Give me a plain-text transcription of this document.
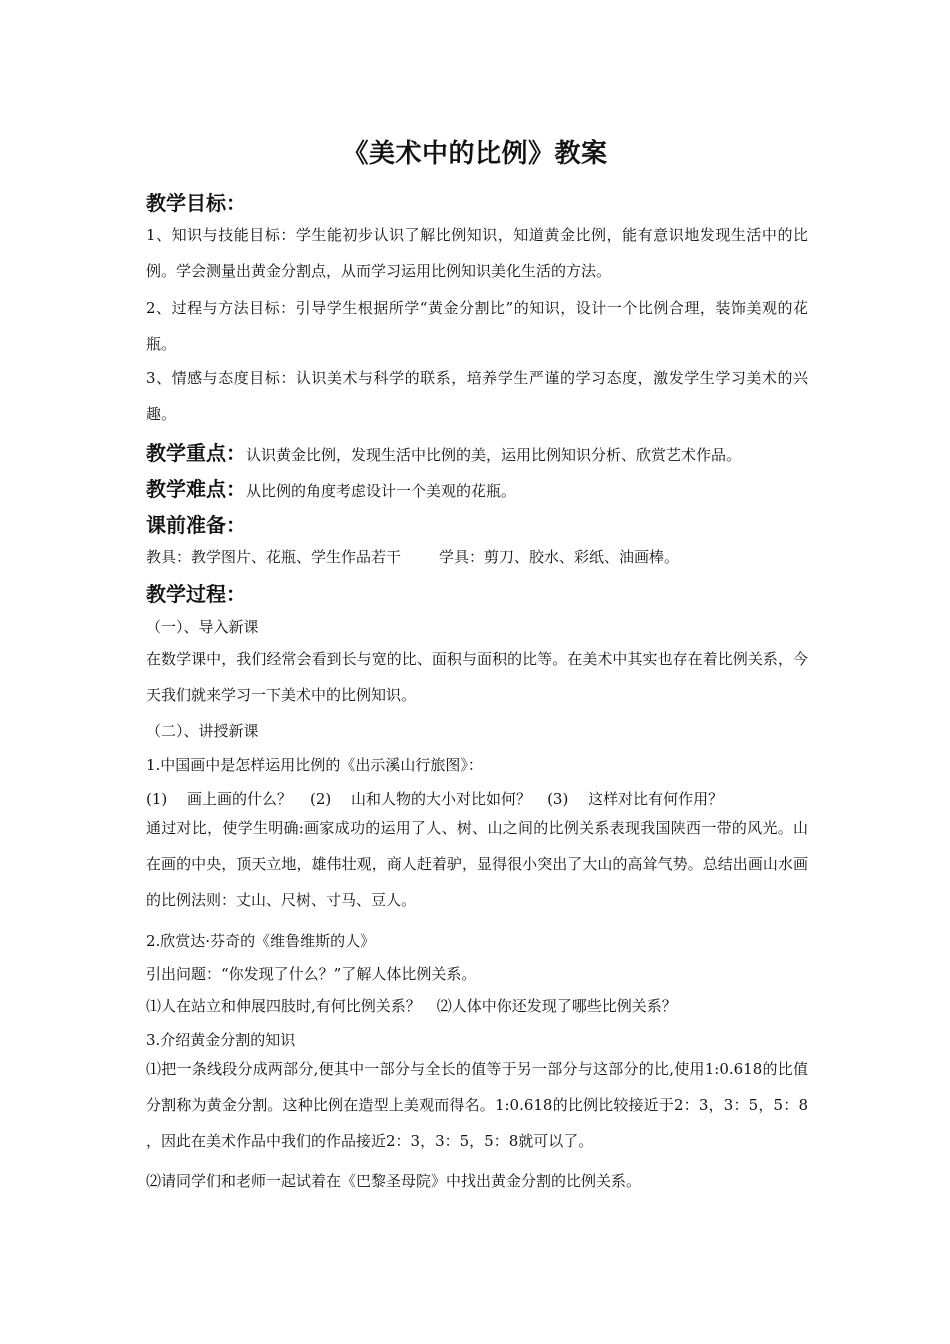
《美术中的比例》教案
教学目标：
1、知识与技能目标：学生能初步认识了解比例知识，知道黄金比例，能有意识地发现生活中的比例。学会测量出黄金分割点，从而学习运用比例知识美化生活的方法。
2、过程与方法目标：引导学生根据所学“黄金分割比”的知识，设计一个比例合理，装饰美观的花瓶。
3、情感与态度目标：认识美术与科学的联系，培养学生严谨的学习态度，激发学生学习美术的兴趣。
教学重点：认识黄金比例，发现生活中比例的美，运用比例知识分析、欣赏艺术作品。
教学难点：从比例的角度考虑设计一个美观的花瓶。
课前准备：
教具：教学图片、花瓶、学生作品若干	学具：剪刀、胶水、彩纸、油画棒。
教学过程：
（一）、导入新课
在数学课中，我们经常会看到长与宽的比、面积与面积的比等。在美术中其实也存在着比例关系，今天我们就来学习一下美术中的比例知识。
（二）、讲授新课
1.中国画中是怎样运用比例的《出示溪山行旅图》：
(1)　 画上画的什么？ (2)　 山和人物的大小对比如何？ (3)　 这样对比有何作用？
通过对比，使学生明确:画家成功的运用了人、树、山之间的比例关系表现我国陕西一带的风光。山在画的中央，顶天立地，雄伟壮观，商人赶着驴，显得很小突出了大山的高耸气势。总结出画山水画的比例法则：丈山、尺树、寸马、豆人。
2.欣赏达·芬奇的《维鲁维斯的人》
引出问题：“你发现了什么？”了解人体比例关系。
⑴人在站立和伸展四肢时,有何比例关系？ ⑵人体中你还发现了哪些比例关系？
3.介绍黄金分割的知识
⑴把一条线段分成两部分,便其中一部分与全长的值等于另一部分与这部分的比,使用1:0.618的比值分割称为黄金分割。这种比例在造型上美观而得名。1:0.618的比例比较接近于2：3，3：5，5：8 ，因此在美术作品中我们的作品接近2：3，3：5，5：8就可以了。
⑵请同学们和老师一起试着在《巴黎圣母院》中找出黄金分割的比例关系。
